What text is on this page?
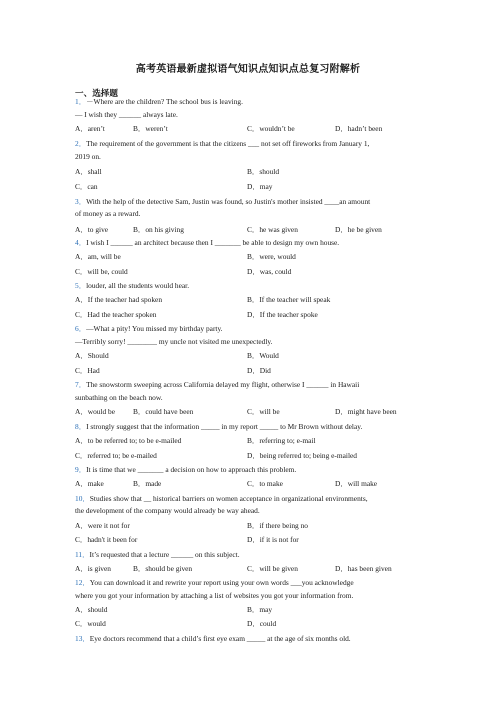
高考英语最新虚拟语气知识点知识点总复习附解析
一、选择题
1．－Where are the children? The school bus is leaving.
— I wish they ______ always late.
A．aren’t	B．weren’t	C．wouldn’t be	D．hadn’t been
2．The requirement of the government is that the citizens ___ not set off fireworks from January 1,
2019 on.
A．shall	B．should
C．can	D．may
3．With the help of the detective Sam, Justin was found, so Justin's mother insisted ____an amount
of money as a reward.
A．to give	B．on his giving	C．he was given	D．he be given
4．I wish I ______ an architect because then I _______ be able to design my own house.
A．am, will be	B．were, would
C．will be, could	D．was, could
5．louder, all the students would hear.
A．If the teacher had spoken	B．If the teacher will speak
C．Had the teacher spoken	D．If the teacher spoke
6．—What a pity! You missed my birthday party.
—Terribly sorry! ________ my uncle not visited me unexpectedly.
A．Should	B．Would
C．Had	D．Did
7．The snowstorm sweeping across California delayed my flight, otherwise I ______ in Hawaii
sunbathing on the beach now.
A．would be B．could have been	C．will be	D．might have been
8．I strongly suggest that the information _____ in my report _____ to Mr Brown without delay.
A．to be referred to; to be e-mailed	B．referring to; e-mail
C．referred to; be e-mailed	D．being referred to; being e-mailed
9．It is time that we _______ a decision on how to approach this problem.
A．make	B．made	C．to make	D．will make
10．Studies show that __ historical barriers on women acceptance in organizational environments,
the development of the company would already be way ahead.
A．were it not for	B．if there being no
C．hadn't it been for	D．if it is not for
11．It’s requested that a lecture ______ on this subject.
A．is given	B．should be given	C．will be given	D．has been given
12．You can download it and rewrite your report using your own words ___you acknowledge
where you got your information by attaching a list of websites you got your information from.
A．should	B．may
C．would	D．could
13．Eye doctors recommend that a child’s first eye exam _____ at the age of six months old.
